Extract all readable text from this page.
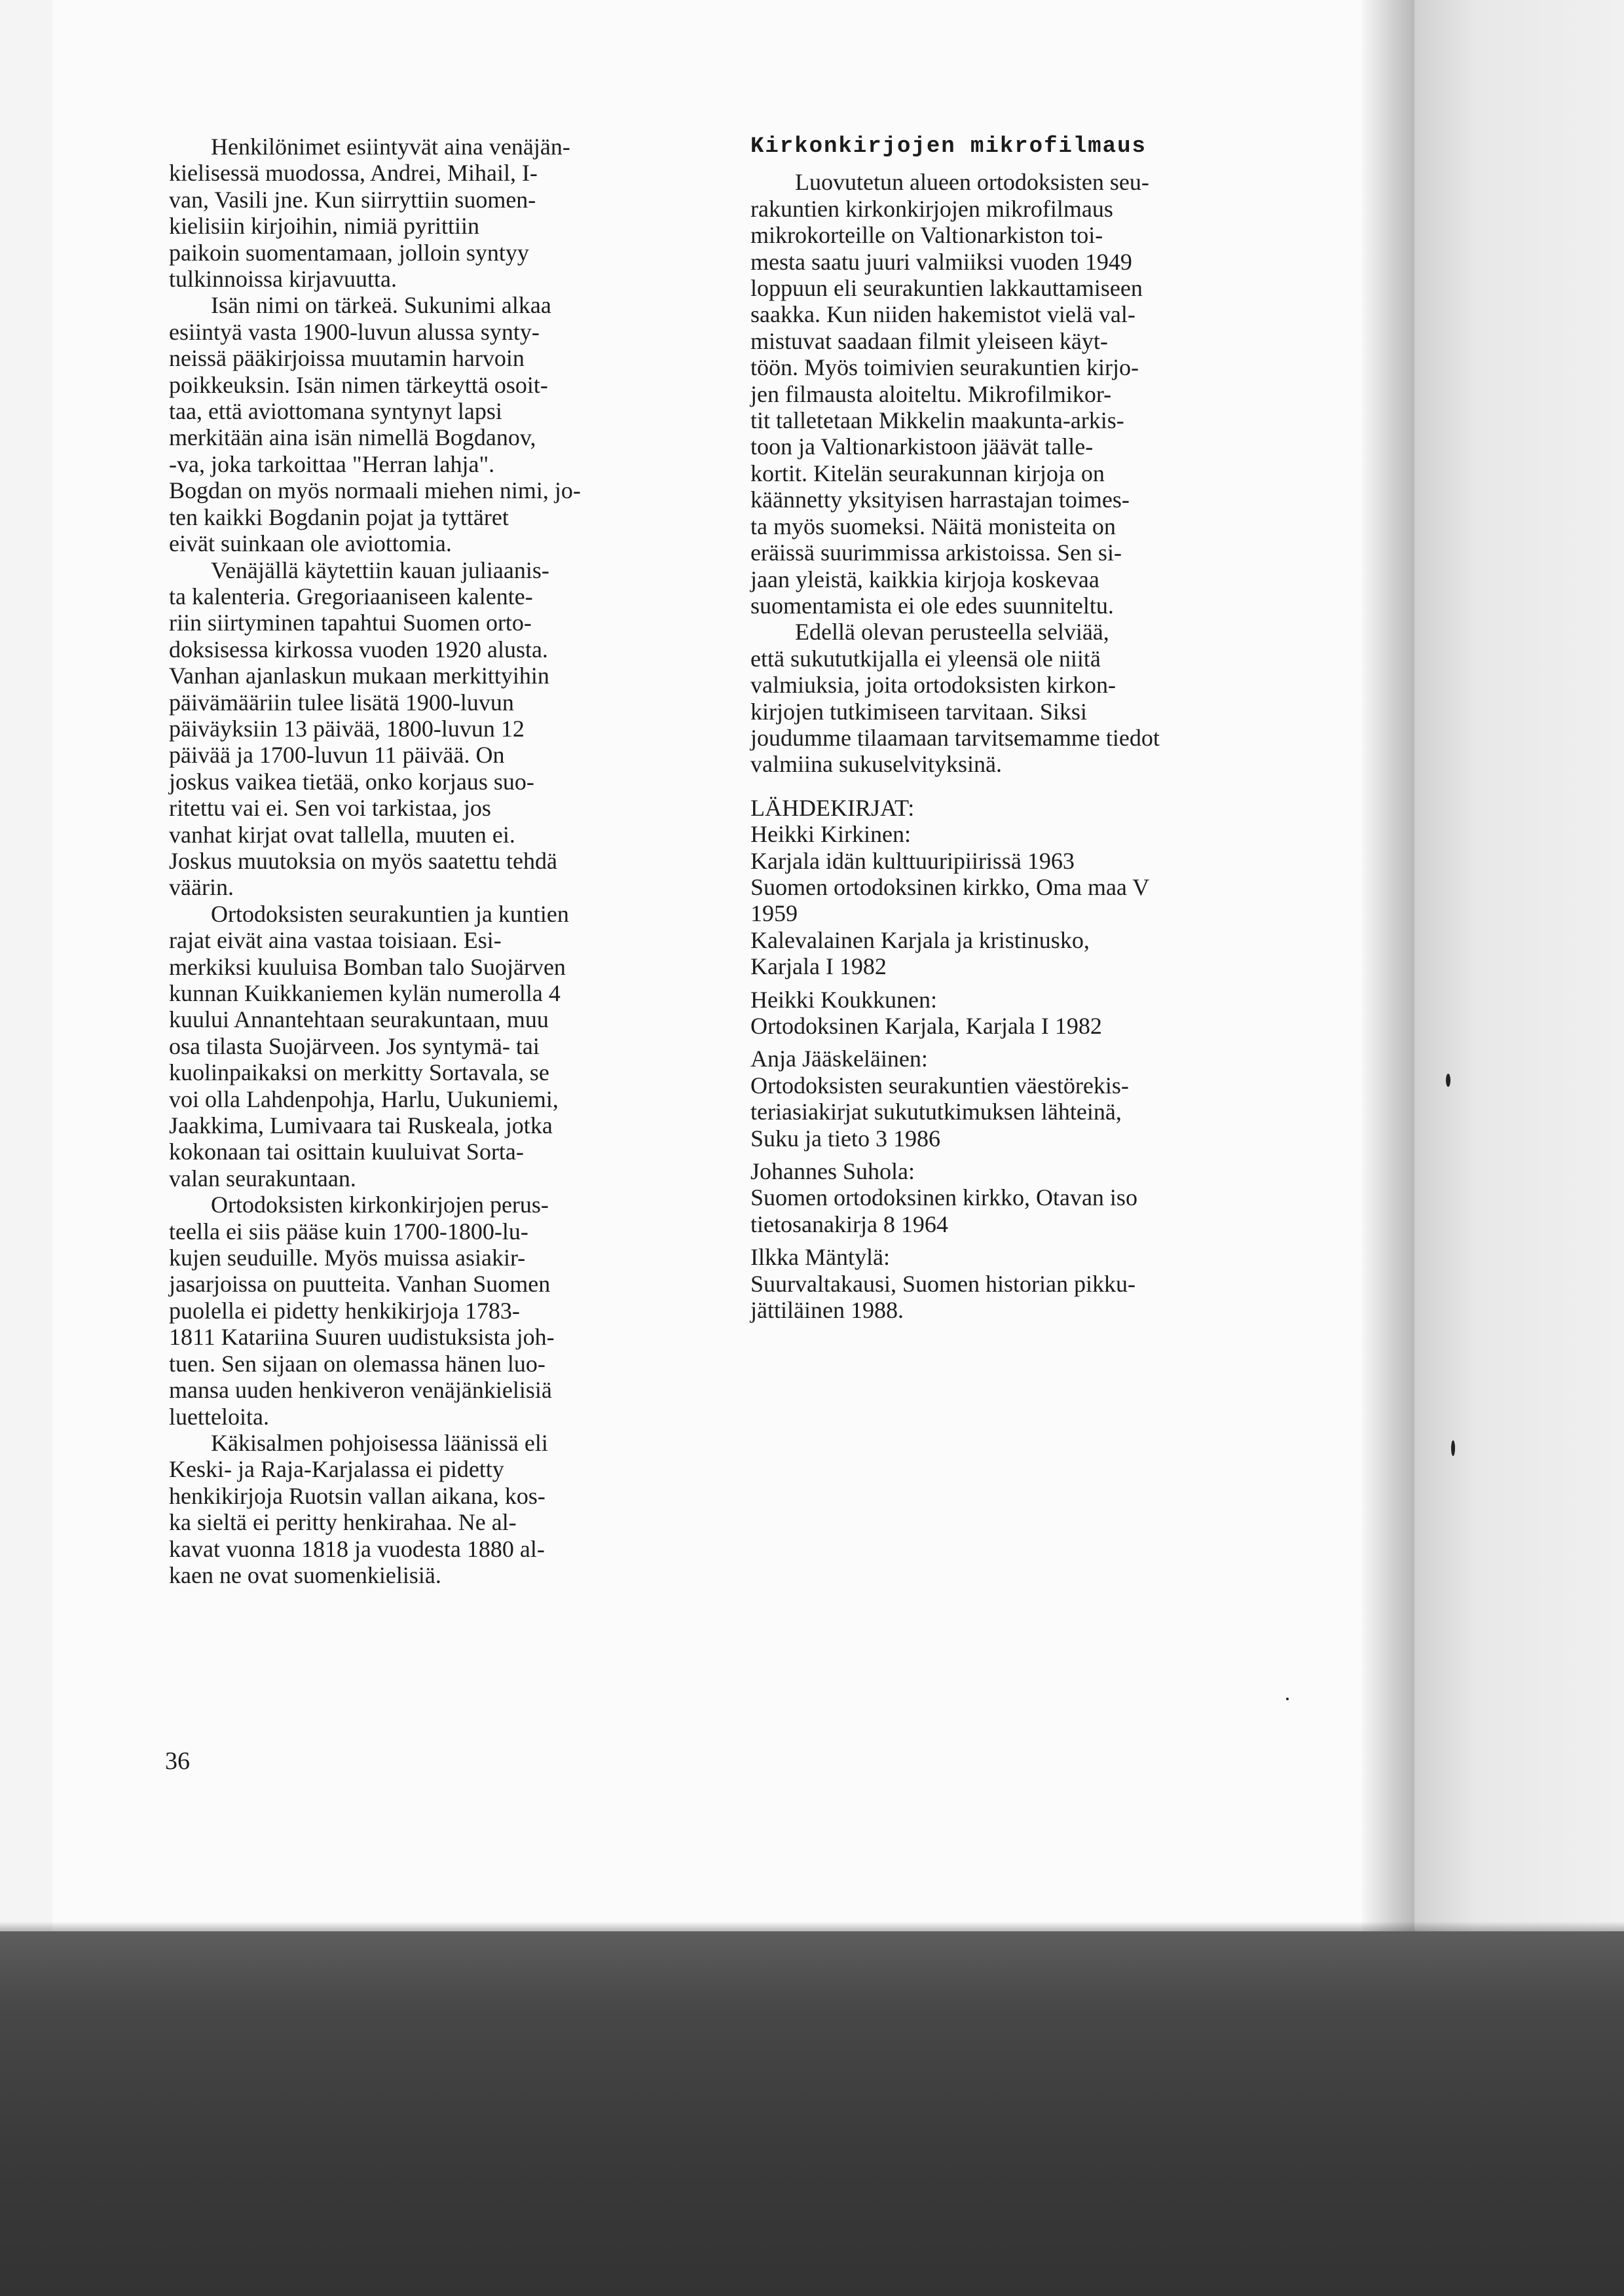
Henkilönimet esiintyvät aina venäjän-
kielisessä muodossa, Andrei, Mihail, I-
van, Vasili jne. Kun siirryttiin suomen-
kielisiin kirjoihin, nimiä pyrittiin
paikoin suomentamaan, jolloin syntyy
tulkinnoissa kirjavuutta.

Isän nimi on tärkeä. Sukunimi alkaa
esiintyä vasta 1900-luvun alussa synty-
neissä pääkirjoissa muutamin harvoin
poikkeuksin. Isän nimen tärkeyttä osoit-
taa, että aviottomana syntynyt lapsi
merkitään aina isän nimellä Bogdanov,
-va, joka tarkoittaa "Herran lahja".
Bogdan on myös normaali miehen nimi, jo-
ten kaikki Bogdanin pojat ja tyttäret
eivät suinkaan ole aviottomia.

Venäjällä käytettiin kauan juliaanis-
ta kalenteria. Gregoriaaniseen kalente-
riin siirtyminen tapahtui Suomen orto-
doksisessa kirkossa vuoden 1920 alusta.
Vanhan ajanlaskun mukaan merkittyihin
päivämääriin tulee lisätä 1900-luvun
päiväyksiin 13 päivää, 1800-luvun 12
päivää ja 1700-luvun 11 päivää. On
joskus vaikea tietää, onko korjaus suo-
ritettu vai ei. Sen voi tarkistaa, jos
vanhat kirjat ovat tallella, muuten ei.
Joskus muutoksia on myös saatettu tehdä
väärin.

Ortodoksisten seurakuntien ja kuntien
rajat eivät aina vastaa toisiaan. Esi-
merkiksi kuuluisa Bomban talo Suojärven
kunnan Kuikkaniemen kylän numerolla 4
kuului Annantehtaan seurakuntaan, muu
osa tilasta Suojärveen. Jos syntymä- tai
kuolinpaikaksi on merkitty Sortavala, se
voi olla Lahdenpohja, Harlu, Uukuniemi,
Jaakkima, Lumivaara tai Ruskeala, jotka
kokonaan tai osittain kuuluivat Sorta-
valan seurakuntaan.

Ortodoksisten kirkonkirjojen perus-
teella ei siis pääse kuin 1700-1800-lu-
kujen seuduille. Myös muissa asiakir-
jasarjoissa on puutteita. Vanhan Suomen
puolella ei pidetty henkikirjoja 1783-
1811 Katariina Suuren uudistuksista joh-
tuen. Sen sijaan on olemassa hänen luo-
mansa uuden henkiveron venäjänkielisiä
luetteloita.

Käkisalmen pohjoisessa läänissä eli
Keski- ja Raja-Karjalassa ei pidetty
henkikirjoja Ruotsin vallan aikana, kos-
ka sieltä ei peritty henkirahaa. Ne al-
kavat vuonna 1818 ja vuodesta 1880 al-
kaen ne ovat suomenkielisiä.

Kirkonkirjojen mikrofilmaus

Luovutetun alueen ortodoksisten seu-
rakuntien kirkonkirjojen mikrofilmaus
mikrokorteille on Valtionarkiston toi-
mesta saatu juuri valmiiksi vuoden 1949
loppuun eli seurakuntien lakkauttamiseen
saakka. Kun niiden hakemistot vielä val-
mistuvat saadaan filmit yleiseen käyt-
töön. Myös toimivien seurakuntien kirjo-
jen filmausta aloiteltu. Mikrofilmikor-
tit talletetaan Mikkelin maakunta-arkis-
toon ja Valtionarkistoon jäävät talle-
kortit. Kitelän seurakunnan kirjoja on
käännetty yksityisen harrastajan toimes-
ta myös suomeksi. Näitä monisteita on
eräissä suurimmissa arkistoissa. Sen si-
jaan yleistä, kaikkia kirjoja koskevaa
suomentamista ei ole edes suunniteltu.

Edellä olevan perusteella selviää,
että sukututkijalla ei yleensä ole niitä
valmiuksia, joita ortodoksisten kirkon-
kirjojen tutkimiseen tarvitaan. Siksi
joudumme tilaamaan tarvitsemamme tiedot
valmiina sukuselvityksinä.

LÄHDEKIRJAT:
Heikki Kirkinen:

Karjala idän kulttuuripiirissä 1963
Suomen ortodoksinen kirkko, Oma maa V
1959
Kalevalainen Karjala ja kristinusko,
Karjala I 1982

Heikki Koukkunen:

Ortodoksinen Karjala, Karjala I 1982

Anja Jääskeläinen:

Ortodoksisten seurakuntien väestörekis-
teriasiakirjat sukututkimuksen lähteinä,
Suku ja tieto 3 1986

Johannes Suhola:

Suomen ortodoksinen kirkko, Otavan iso
tietosanakirja 8 1964

Ilkka Mäntylä:

Suurvaltakausi, Suomen historian pikku-
jättiläinen 1988.

36
